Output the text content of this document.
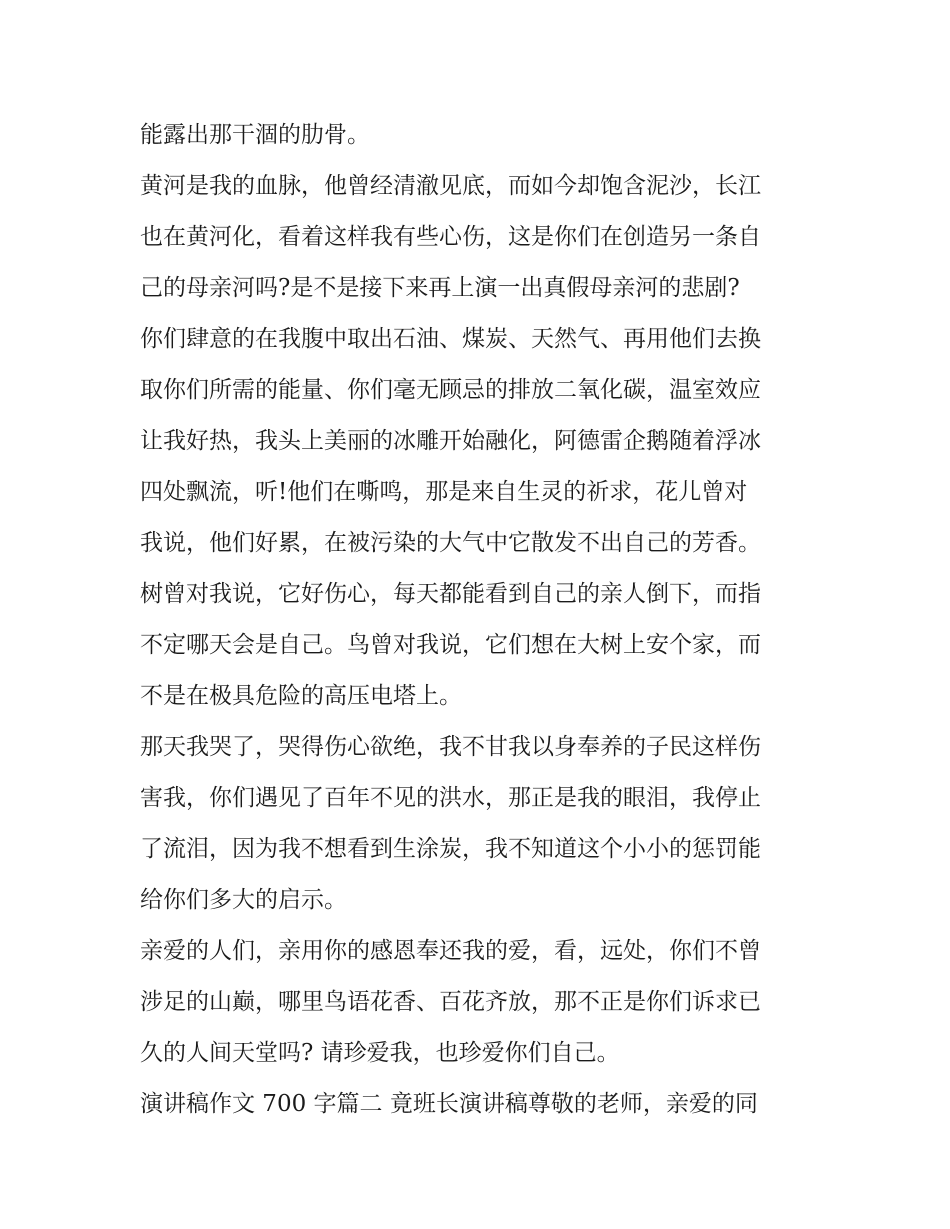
能露出那干涸的肋骨。
黄河是我的血脉，他曾经清澈见底，而如今却饱含泥沙，长江
也在黄河化，看着这样我有些心伤，这是你们在创造另一条自
己的母亲河吗?是不是接下来再上演一出真假母亲河的悲剧?
你们肆意的在我腹中取出石油、煤炭、天然气、再用他们去换
取你们所需的能量、你们毫无顾忌的排放二氧化碳，温室效应
让我好热，我头上美丽的冰雕开始融化，阿德雷企鹅随着浮冰
四处飘流，听!他们在嘶鸣，那是来自生灵的祈求，花儿曾对
我说，他们好累，在被污染的大气中它散发不出自己的芳香。
树曾对我说，它好伤心，每天都能看到自己的亲人倒下，而指
不定哪天会是自己。鸟曾对我说，它们想在大树上安个家，而
不是在极具危险的高压电塔上。
那天我哭了，哭得伤心欲绝，我不甘我以身奉养的子民这样伤
害我，你们遇见了百年不见的洪水，那正是我的眼泪，我停止
了流泪，因为我不想看到生涂炭，我不知道这个小小的惩罚能
给你们多大的启示。
亲爱的人们，亲用你的感恩奉还我的爱，看，远处，你们不曾
涉足的山巅，哪里鸟语花香、百花齐放，那不正是你们诉求已
久的人间天堂吗? 请珍爱我，也珍爱你们自己。
演讲稿作文 700 字篇二 竟班长演讲稿尊敬的老师，亲爱的同
